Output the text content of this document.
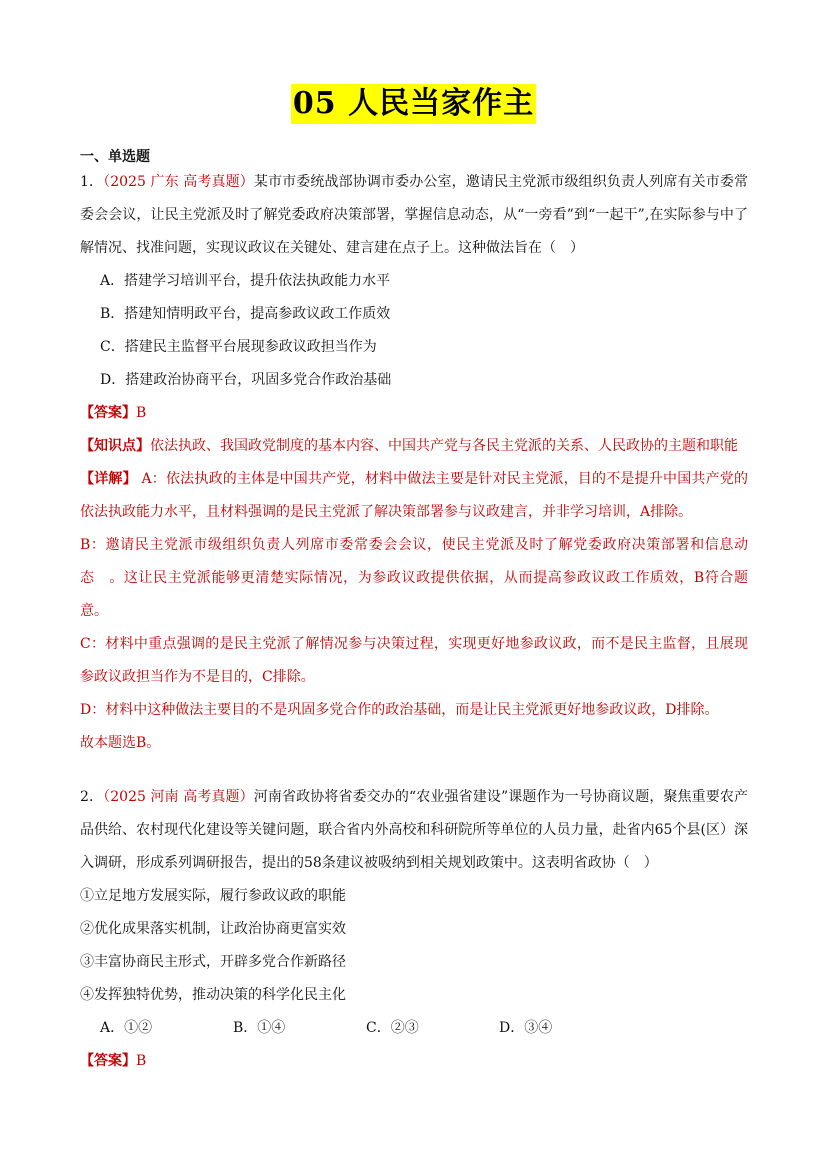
05 人民当家作主
一、单选题

1．（2025 广东 高考真题）某市市委统战部协调市委办公室，邀请民主党派市级组织负责人列席有关市委常委会会议，让民主党派及时了解党委政府决策部署，掌握信息动态，从“一旁看”到“一起干”,在实际参与中了解情况、找准问题，实现议政议在关键处、建言建在点子上。这种做法旨在（　）

A．搭建学习培训平台，提升依法执政能力水平

B．搭建知情明政平台，提高参政议政工作质效

C．搭建民主监督平台展现参政议政担当作为

D．搭建政治协商平台，巩固多党合作政治基础

【答案】B

【知识点】依法执政、我国政党制度的基本内容、中国共产党与各民主党派的关系、人民政协的主题和职能

【详解】 A：依法执政的主体是中国共产党，材料中做法主要是针对民主党派，目的不是提升中国共产党的依法执政能力水平，且材料强调的是民主党派了解决策部署参与议政建言，并非学习培训，A排除。

B：邀请民主党派市级组织负责人列席市委常委会会议，使民主党派及时了解党委政府决策部署和信息动态　。这让民主党派能够更清楚实际情况，为参政议政提供依据，从而提高参政议政工作质效，B符合题意。

C：材料中重点强调的是民主党派了解情况参与决策过程，实现更好地参政议政，而不是民主监督，且展现参政议政担当作为不是目的，C排除。

D：材料中这种做法主要目的不是巩固多党合作的政治基础，而是让民主党派更好地参政议政，D排除。

故本题选B。

2．（2025 河南 高考真题）河南省政协将省委交办的“农业强省建设”课题作为一号协商议题，聚焦重要农产品供给、农村现代化建设等关键问题，联合省内外高校和科研院所等单位的人员力量，赴省内65个县(区）深入调研，形成系列调研报告，提出的58条建议被吸纳到相关规划政策中。这表明省政协（　）

①立足地方发展实际，履行参政议政的职能

②优化成果落实机制，让政治协商更富实效

③丰富协商民主形式，开辟多党合作新路径

④发挥独特优势，推动决策的科学化民主化

A．①②	B．①④	C．②③	D．③④

【答案】B
